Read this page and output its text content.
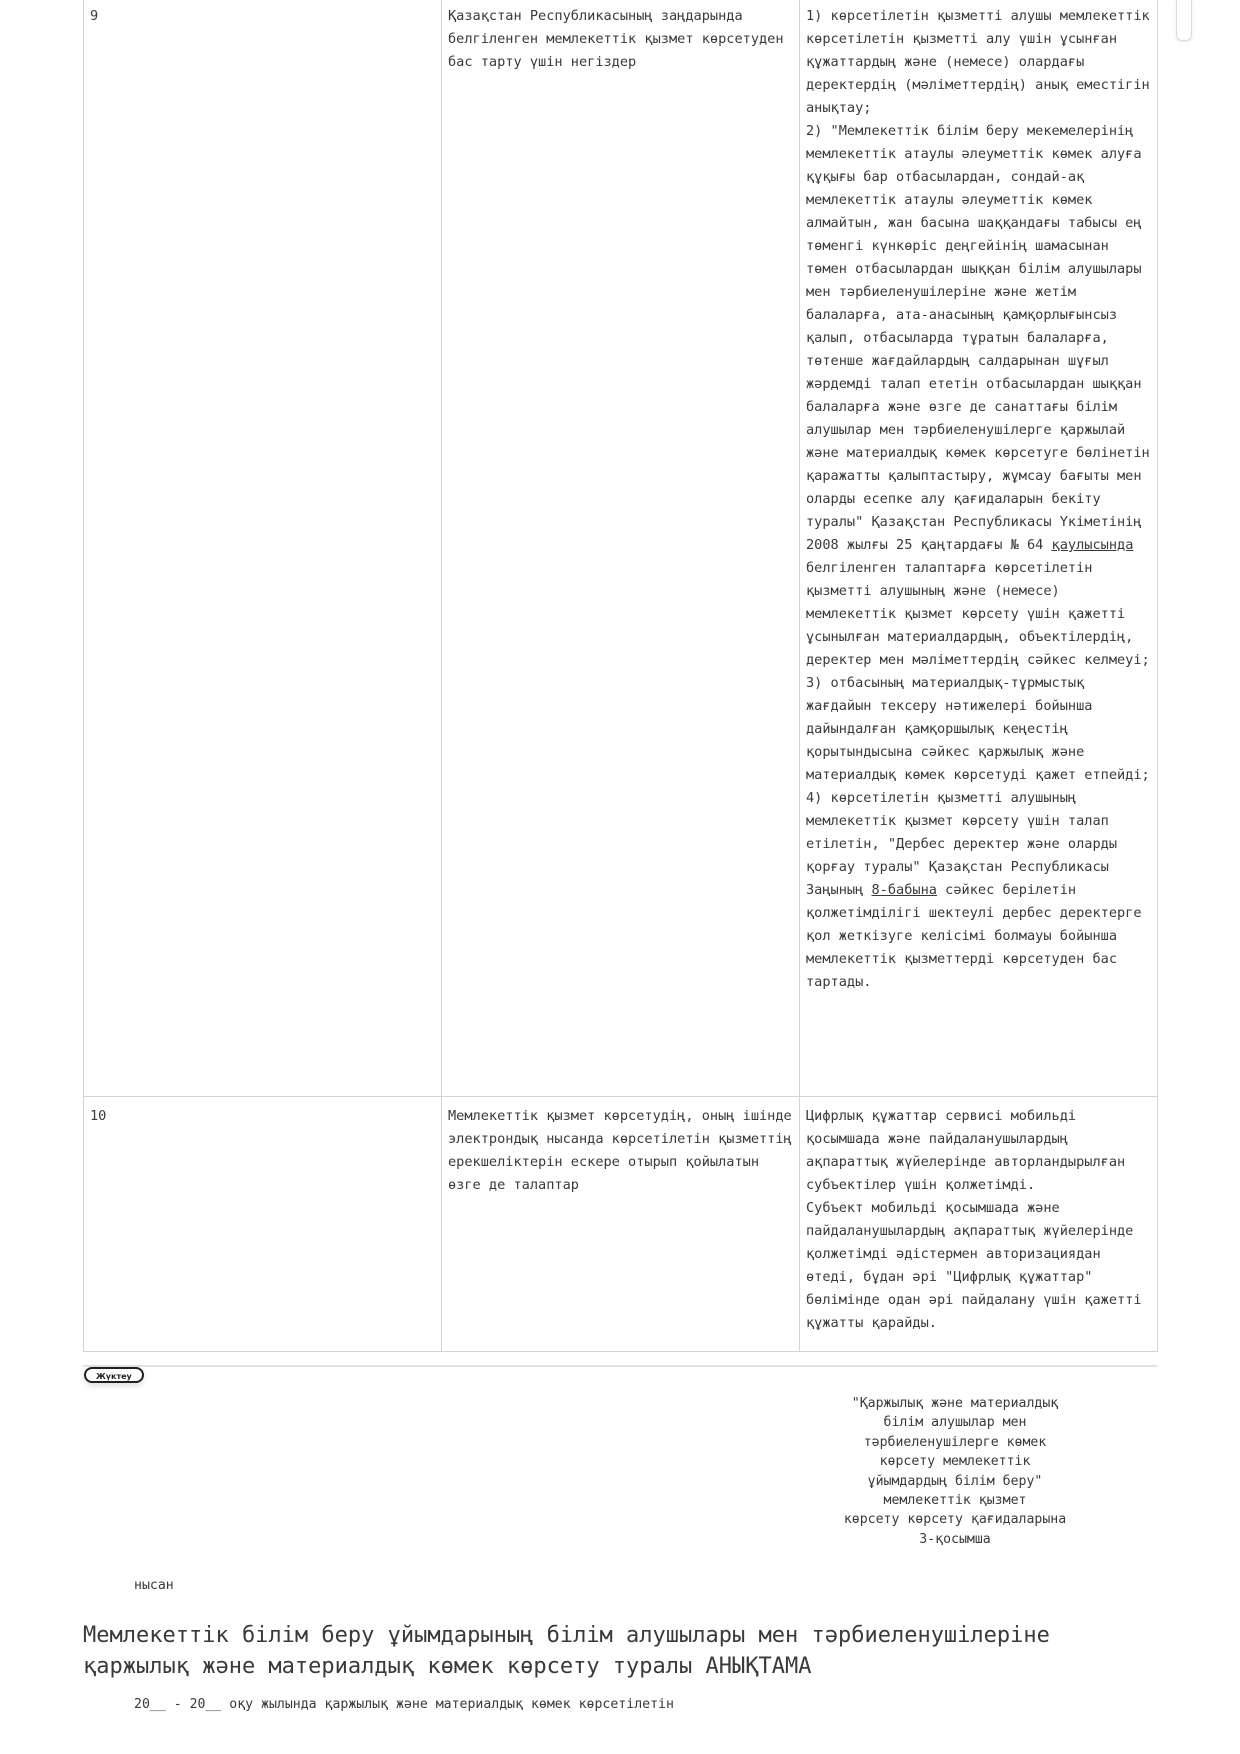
9	Қазақстан Республикасының заңдарында белгіленген мемлекеттік қызмет көрсетуден бас тарту үшін негіздер	1) көрсетілетін қызметті алушы мемлекеттік көрсетілетін қызметті алу үшін ұсынған құжаттардың және (немесе) олардағы деректердің (мәліметтердің) анық еместігін анықтау;
2) "Мемлекеттік білім беру мекемелерінің мемлекеттік атаулы әлеуметтік көмек алуға құқығы бар отбасылардан, сондай-ақ мемлекеттік атаулы әлеуметтік көмек алмайтын, жан басына шаққандағы табысы ең төменгі күнкөріс деңгейінің шамасынан төмен отбасылардан шыққан білім алушылары мен тәрбиеленушілеріне және жетім балаларға, ата-анасының қамқорлығынсыз қалып, отбасыларда тұратын балаларға, төтенше жағдайлардың салдарынан шұғыл жәрдемді талап ететін отбасылардан шыққан балаларға және өзге де санаттағы білім алушылар мен тәрбиеленушілерге қаржылай және материалдық көмек көрсетуге бөлінетін қаражатты қалыптастыру, жұмсау бағыты мен оларды есепке алу қағидаларын бекіту туралы" Қазақстан Республикасы Үкіметінің 2008 жылғы 25 қаңтардағы № 64 қаулысында белгіленген талаптарға көрсетілетін қызметті алушының және (немесе) мемлекеттік қызмет көрсету үшін қажетті ұсынылған материалдардың, объектілердің, деректер мен мәліметтердің сәйкес келмеуі;
3) отбасының материалдық-тұрмыстық жағдайын тексеру нәтижелері бойынша дайындалған қамқоршылық кеңестің қорытындысына сәйкес қаржылық және материалдық көмек көрсетуді қажет етпейді;
4) көрсетілетін қызметті алушының мемлекеттік қызмет көрсету үшін талап етілетін, "Дербес деректер және оларды қорғау туралы" Қазақстан Республикасы Заңының 8-бабына сәйкес берілетін қолжетімділігі шектеулі дербес деректерге қол жеткізуге келісімі болмауы бойынша мемлекеттік қызметтерді көрсетуден бас тартады.

10	Мемлекеттік қызмет көрсетудің, оның ішінде электрондық нысанда көрсетілетін қызметтің ерекшеліктерін ескере отырып қойылатын өзге де талаптар	Цифрлық құжаттар сервисі мобильді қосымшада және пайдаланушылардың ақпараттық жүйелерінде авторландырылған субъектілер үшін қолжетімді.
Субъект мобильді қосымшада және пайдаланушылардың ақпараттық жүйелерінде қолжетімді әдістермен авторизациядан өтеді, бұдан әрі "Цифрлық құжаттар" бөлімінде одан әрі пайдалану үшін қажетті құжатты қарайды.
Жүктеу
"Қаржылық және материалдық
білім алушылар мен
тәрбиеленушілерге көмек
көрсету мемлекеттік
ұйымдардың білім беру"
мемлекеттік қызмет
көрсету көрсету қағидаларына
3-қосымша
нысан
Мемлекеттік білім беру ұйымдарының білім алушылары мен тәрбиеленушілеріне
қаржылық және материалдық көмек көрсету туралы АНЫҚТАМА
20__ - 20__ оқу жылында қаржылық және материалдық көмек көрсетілетін
